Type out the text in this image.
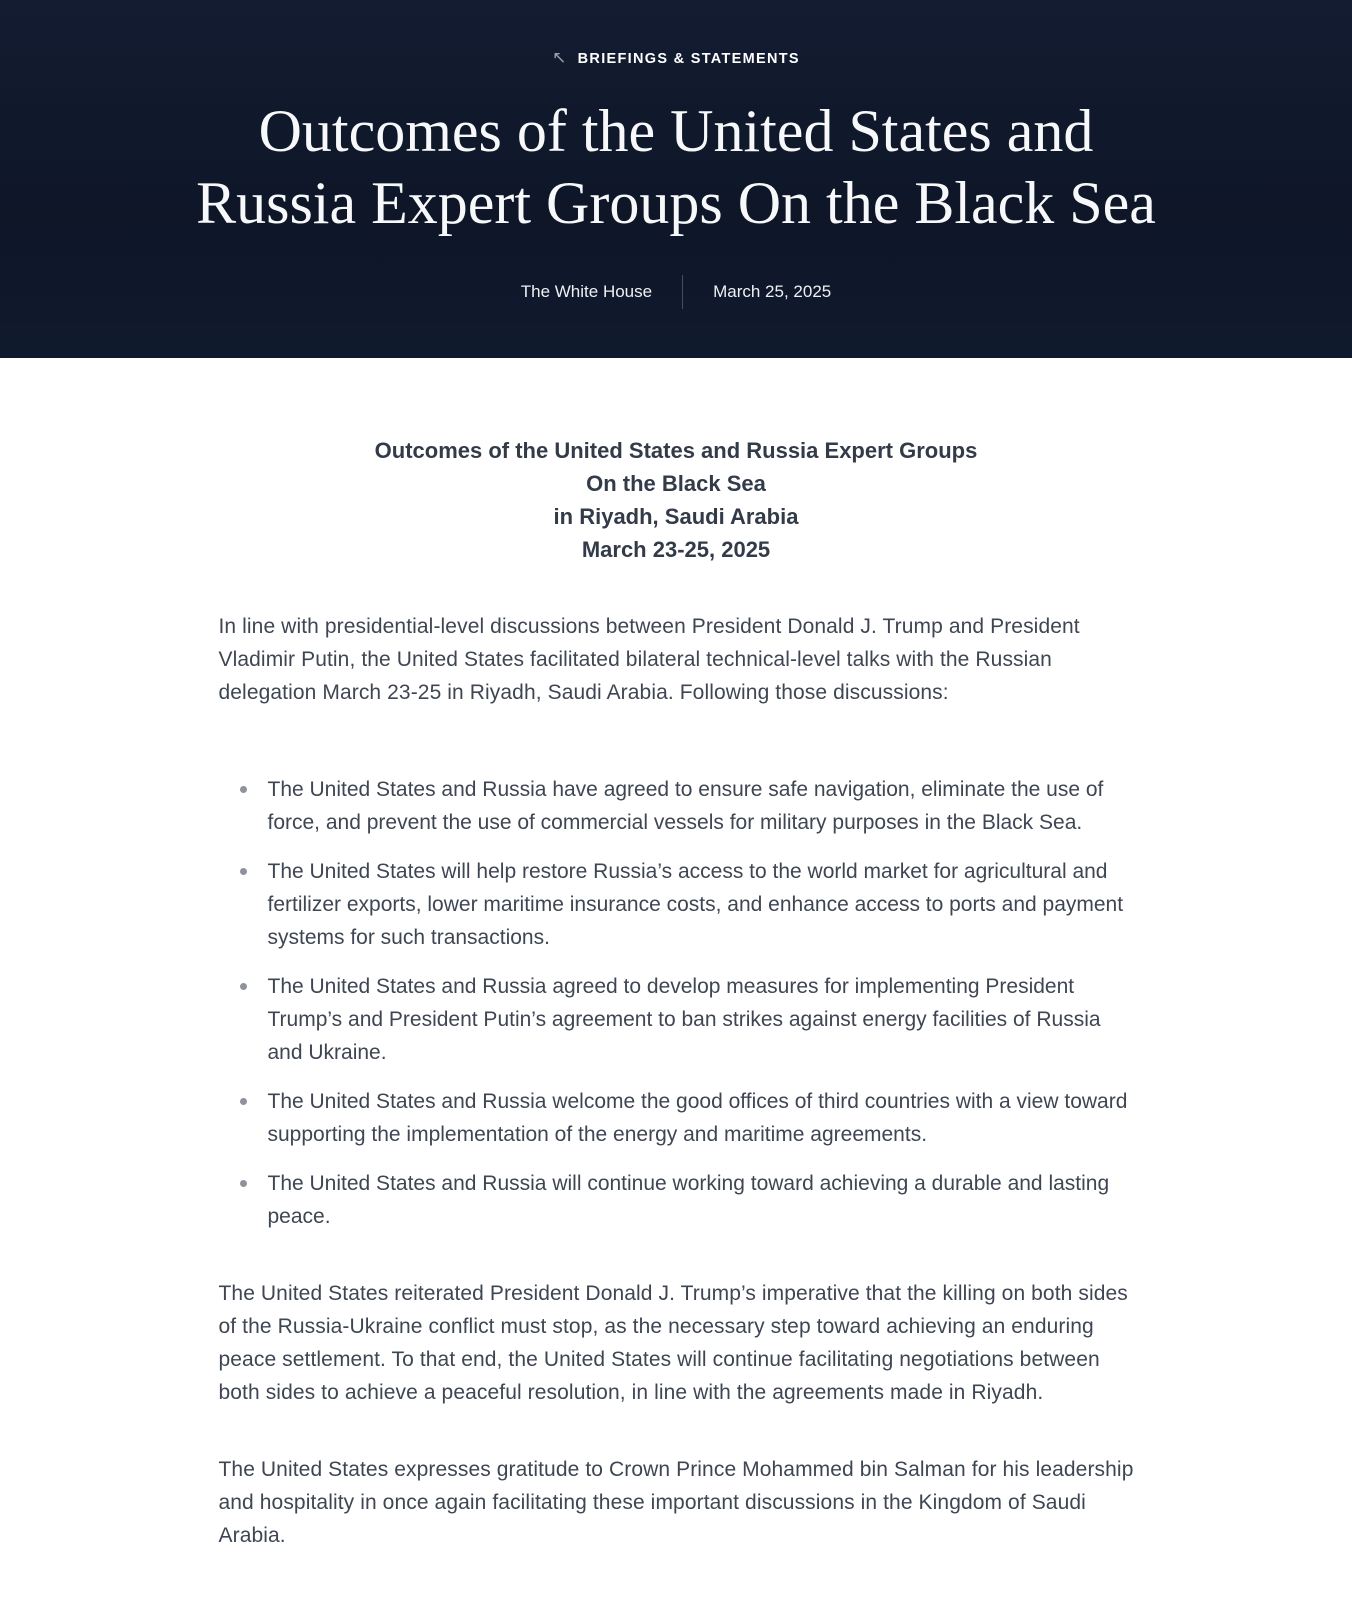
↖ BRIEFINGS & STATEMENTS
Outcomes of the United States and Russia Expert Groups On the Black Sea
The White House	March 25, 2025
Outcomes of the United States and Russia Expert Groups
On the Black Sea
in Riyadh, Saudi Arabia
March 23-25, 2025

In line with presidential-level discussions between President Donald J. Trump and President Vladimir Putin, the United States facilitated bilateral technical-level talks with the Russian delegation March 23-25 in Riyadh, Saudi Arabia. Following those discussions:

The United States and Russia have agreed to ensure safe navigation, eliminate the use of force, and prevent the use of commercial vessels for military purposes in the Black Sea.
The United States will help restore Russia’s access to the world market for agricultural and fertilizer exports, lower maritime insurance costs, and enhance access to ports and payment systems for such transactions.
The United States and Russia agreed to develop measures for implementing President Trump’s and President Putin’s agreement to ban strikes against energy facilities of Russia and Ukraine.
The United States and Russia welcome the good offices of third countries with a view toward supporting the implementation of the energy and maritime agreements.
The United States and Russia will continue working toward achieving a durable and lasting peace.

The United States reiterated President Donald J. Trump’s imperative that the killing on both sides of the Russia-Ukraine conflict must stop, as the necessary step toward achieving an enduring peace settlement. To that end, the United States will continue facilitating negotiations between both sides to achieve a peaceful resolution, in line with the agreements made in Riyadh.

The United States expresses gratitude to Crown Prince Mohammed bin Salman for his leadership and hospitality in once again facilitating these important discussions in the Kingdom of Saudi Arabia.
